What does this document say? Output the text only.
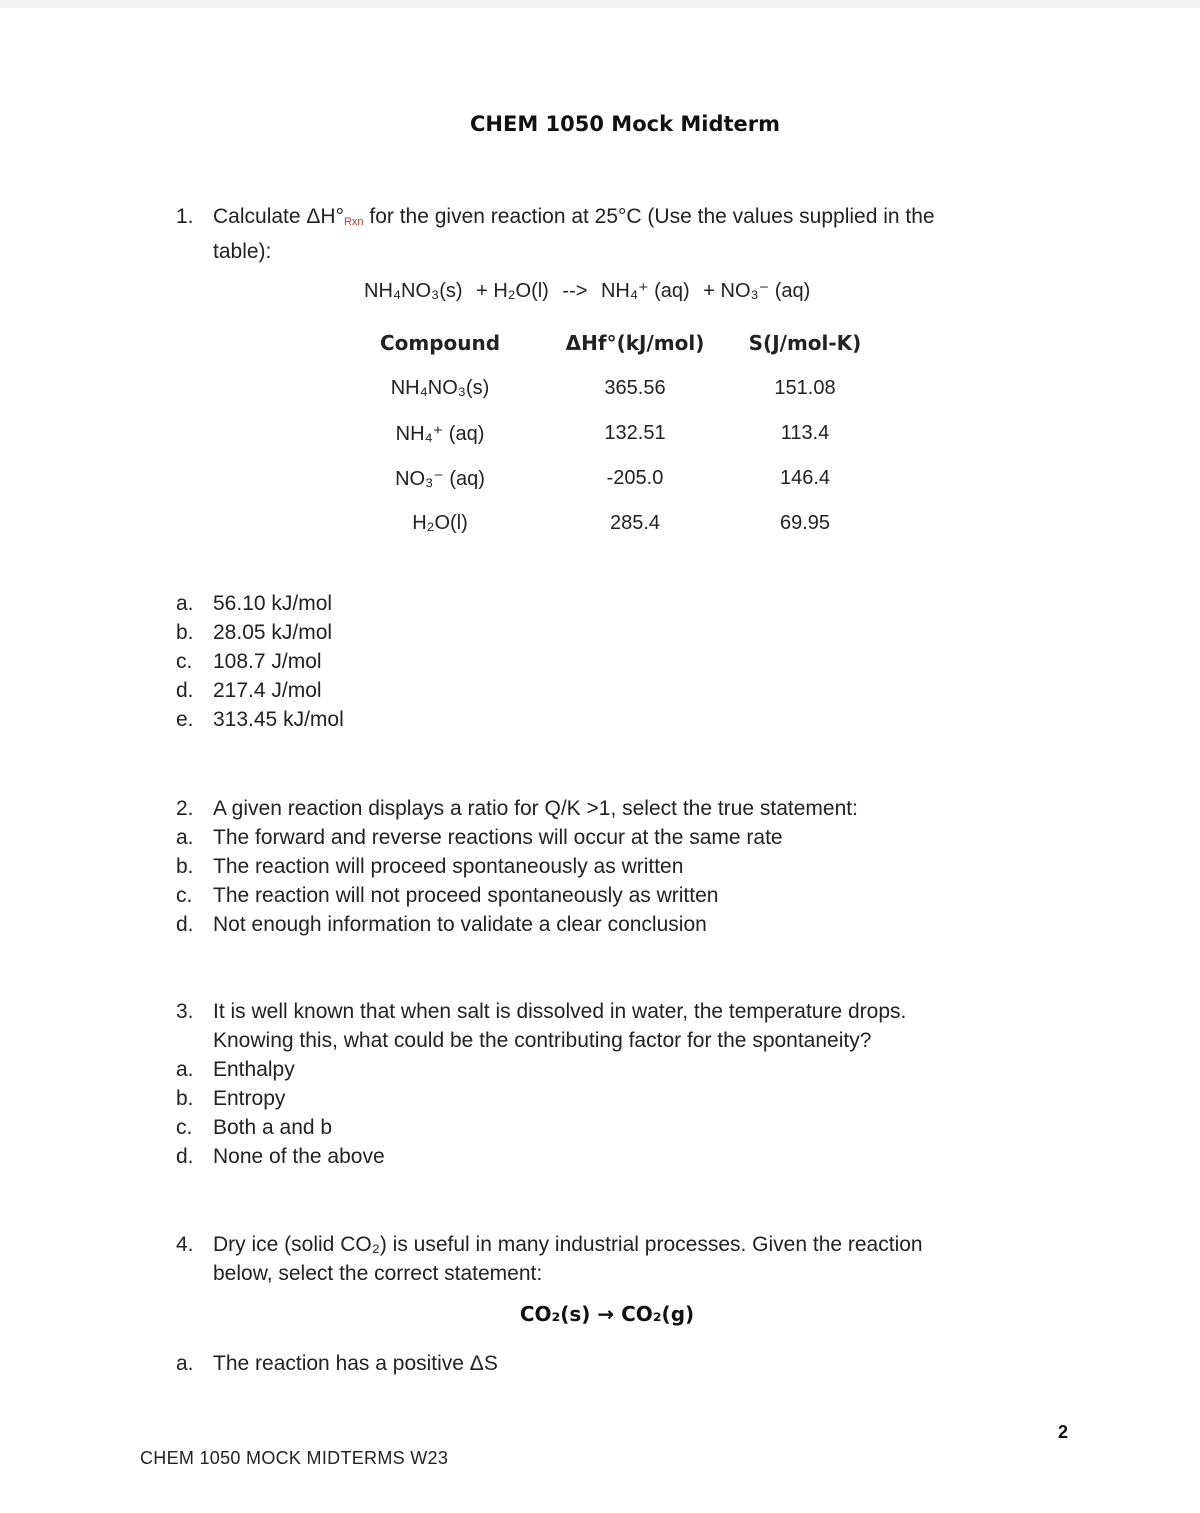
CHEM 1050 Mock Midterm
1. Calculate ΔH°Rxn for the given reaction at 25°C (Use the values supplied in the
table):
NH₄NO₃(s) + H₂O(l) --> NH₄⁺ (aq) + NO₃⁻ (aq)
Compound	ΔHf°(kJ/mol)	S(J/mol-K)
NH₄NO₃(s)	365.56	151.08
NH₄⁺ (aq)	132.51	113.4
NO₃⁻ (aq)	-205.0	146.4
H₂O(l)	285.4	69.95
a. 56.10 kJ/mol
b. 28.05 kJ/mol
c. 108.7 J/mol
d. 217.4 J/mol
e. 313.45 kJ/mol
2. A given reaction displays a ratio for Q/K >1, select the true statement:
a. The forward and reverse reactions will occur at the same rate
b. The reaction will proceed spontaneously as written
c. The reaction will not proceed spontaneously as written
d. Not enough information to validate a clear conclusion
3. It is well known that when salt is dissolved in water, the temperature drops.
Knowing this, what could be the contributing factor for the spontaneity?
a. Enthalpy
b. Entropy
c. Both a and b
d. None of the above
4. Dry ice (solid CO₂) is useful in many industrial processes. Given the reaction
below, select the correct statement:
CO₂(s) → CO₂(g)
a. The reaction has a positive ΔS
2
CHEM 1050 MOCK MIDTERMS W23
